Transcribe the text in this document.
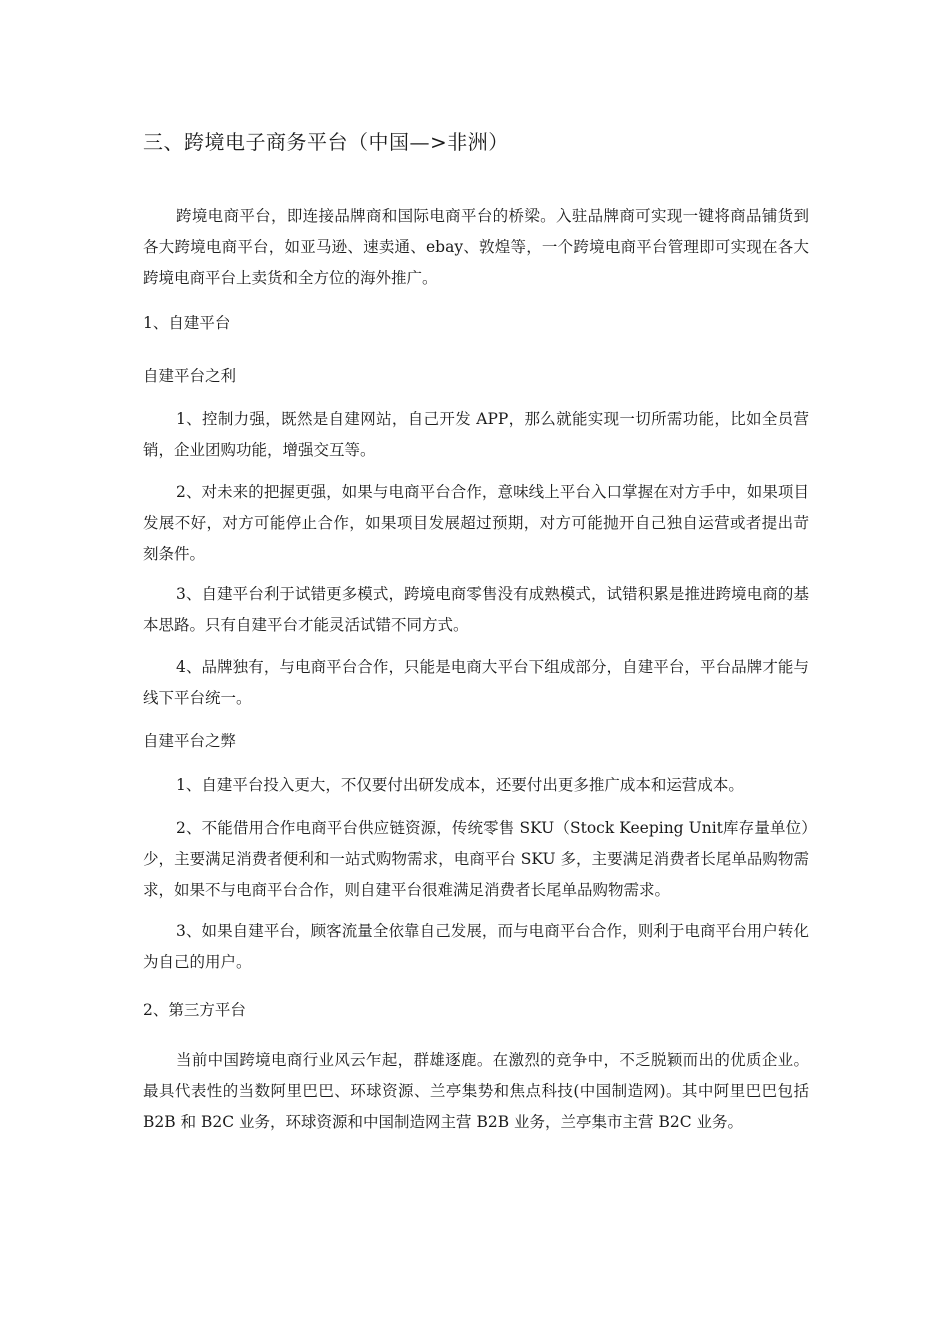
三、跨境电子商务平台（中国—>非洲）

跨境电商平台，即连接品牌商和国际电商平台的桥梁。入驻品牌商可实现一键将商品铺货到各大跨境电商平台，如亚马逊、速卖通、ebay、敦煌等，一个跨境电商平台管理即可实现在各大跨境电商平台上卖货和全方位的海外推广。

1、自建平台
自建平台之利

1、控制力强，既然是自建网站，自己开发 APP，那么就能实现一切所需功能，比如全员营销，企业团购功能，增强交互等。

2、对未来的把握更强，如果与电商平台合作，意味线上平台入口掌握在对方手中，如果项目发展不好，对方可能停止合作，如果项目发展超过预期，对方可能抛开自己独自运营或者提出苛刻条件。

3、自建平台利于试错更多模式，跨境电商零售没有成熟模式，试错积累是推进跨境电商的基本思路。只有自建平台才能灵活试错不同方式。

4、品牌独有，与电商平台合作，只能是电商大平台下组成部分，自建平台，平台品牌才能与线下平台统一。

自建平台之弊

1、自建平台投入更大，不仅要付出研发成本，还要付出更多推广成本和运营成本。

2、不能借用合作电商平台供应链资源，传统零售 SKU（Stock Keeping Unit库存量单位）少，主要满足消费者便利和一站式购物需求，电商平台 SKU 多，主要满足消费者长尾单品购物需求，如果不与电商平台合作，则自建平台很难满足消费者长尾单品购物需求。

3、如果自建平台，顾客流量全依靠自己发展，而与电商平台合作，则利于电商平台用户转化为自己的用户。

2、第三方平台

当前中国跨境电商行业风云乍起，群雄逐鹿。在激烈的竞争中，不乏脱颖而出的优质企业。最具代表性的当数阿里巴巴、环球资源、兰亭集势和焦点科技(中国制造网)。其中阿里巴巴包括 B2B 和 B2C 业务，环球资源和中国制造网主营 B2B 业务，兰亭集市主营 B2C 业务。
